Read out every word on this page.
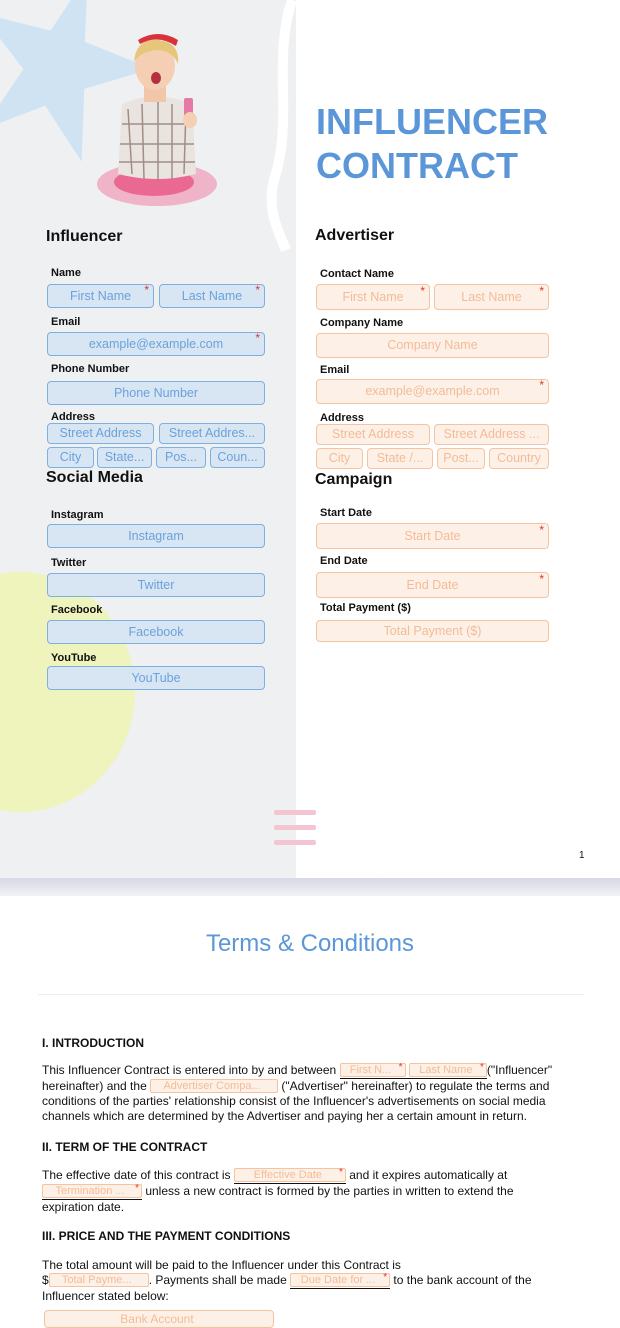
INFLUENCER
CONTRACT
Influencer
Name
First Name *	Last Name *
Email
example@example.com	*
Phone Number
Phone Number
Address
Street Address	Street Addres...
City	State...	Pos...	Coun...
Social Media
Instagram
Instagram
Twitter
Twitter
Facebook
Facebook
YouTube
YouTube
Advertiser
Contact Name
First Name *	Last Name *
Company Name
Company Name
Email
example@example.com	*
Address
Street Address	Street Address ...
City	State /...	Post...	Country
Campaign
Start Date
Start Date	*
End Date
End Date	*
Total Payment ($)
Total Payment ($)
1
Terms & Conditions
I. INTRODUCTION
This Influencer Contract is entered into by and between First N... * Last Name * ("Influencer"
hereinafter) and the Advertiser Compa... ("Advertiser" hereinafter) to regulate the terms and
conditions of the parties' relationship consist of the Influencer's advertisements on social media
channels which are determined by the Advertiser and paying her a certain amount in return.
II. TERM OF THE CONTRACT
The effective date of this contract is Effective Date * and it expires automatically at
Termination ... * unless a new contract is formed by the parties in written to extend the
expiration date.
III. PRICE AND THE PAYMENT CONDITIONS
The total amount will be paid to the Influencer under this Contract is
$ Total Payme... . Payments shall be made Due Date for ... * to the bank account of the
Influencer stated below:
Bank Account
